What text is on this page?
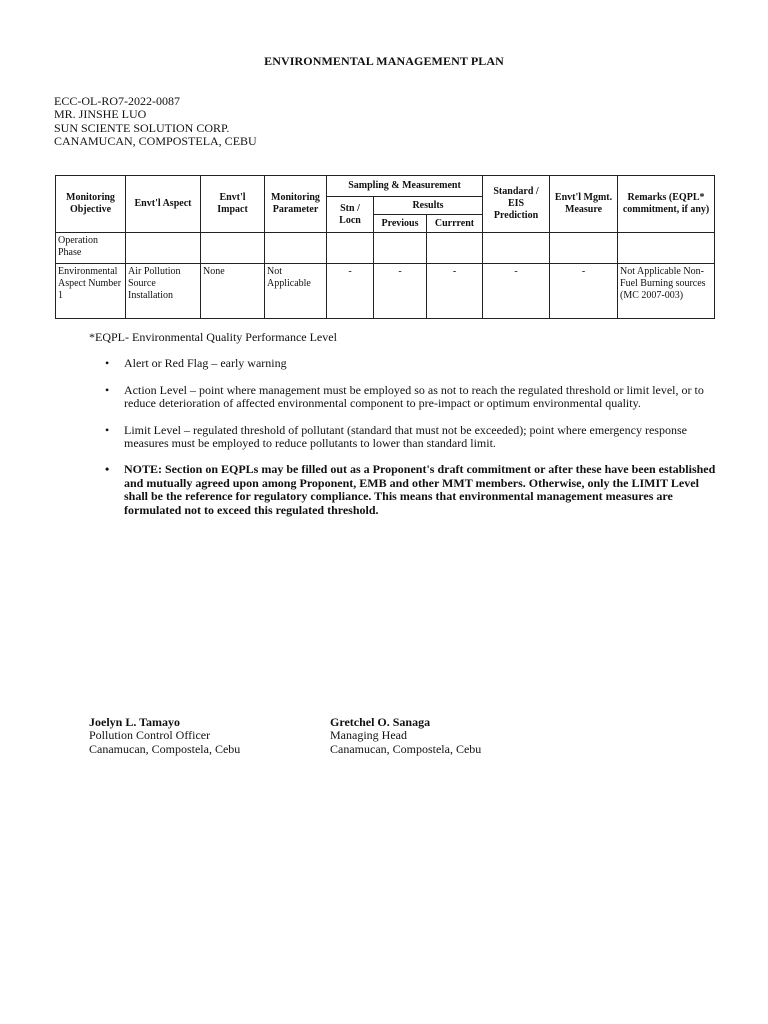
ENVIRONMENTAL MANAGEMENT PLAN
ECC-OL-RO7-2022-0087
MR. JINSHE LUO
SUN SCIENTE SOLUTION CORP.
CANAMUCAN, COMPOSTELA, CEBU
Monitoring Objective	Envt'l Aspect	Envt'l Impact	Monitoring Parameter	Sampling & Measurement			Standard / EIS Prediction	Envt'l Mgmt. Measure	Remarks (EQPL* commitment, if any)
				Stn / Locn	Results				
					Previous	Currrent			
Operation Phase									
Environmental Aspect Number 1	Air Pollution Source Installation	None	Not Applicable	-	-	-	-	-	Not Applicable Non-Fuel Burning sources (MC 2007-003)

*EQPL- Environmental Quality Performance Level

• Alert or Red Flag – early warning
• Action Level – point where management must be employed so as not to reach the regulated threshold or limit level, or to reduce deterioration of affected environmental component to pre-impact or optimum environmental quality.
• Limit Level – regulated threshold of pollutant (standard that must not be exceeded); point where emergency response measures must be employed to reduce pollutants to lower than standard limit.
• NOTE: Section on EQPLs may be filled out as a Proponent's draft commitment or after these have been established and mutually agreed upon among Proponent, EMB and other MMT members. Otherwise, only the LIMIT Level shall be the reference for regulatory compliance. This means that environmental management measures are formulated not to exceed this regulated threshold.
Joelyn L. Tamayo
Pollution Control Officer
Canamucan, Compostela, Cebu
Gretchel O. Sanaga
Managing Head
Canamucan, Compostela, Cebu
